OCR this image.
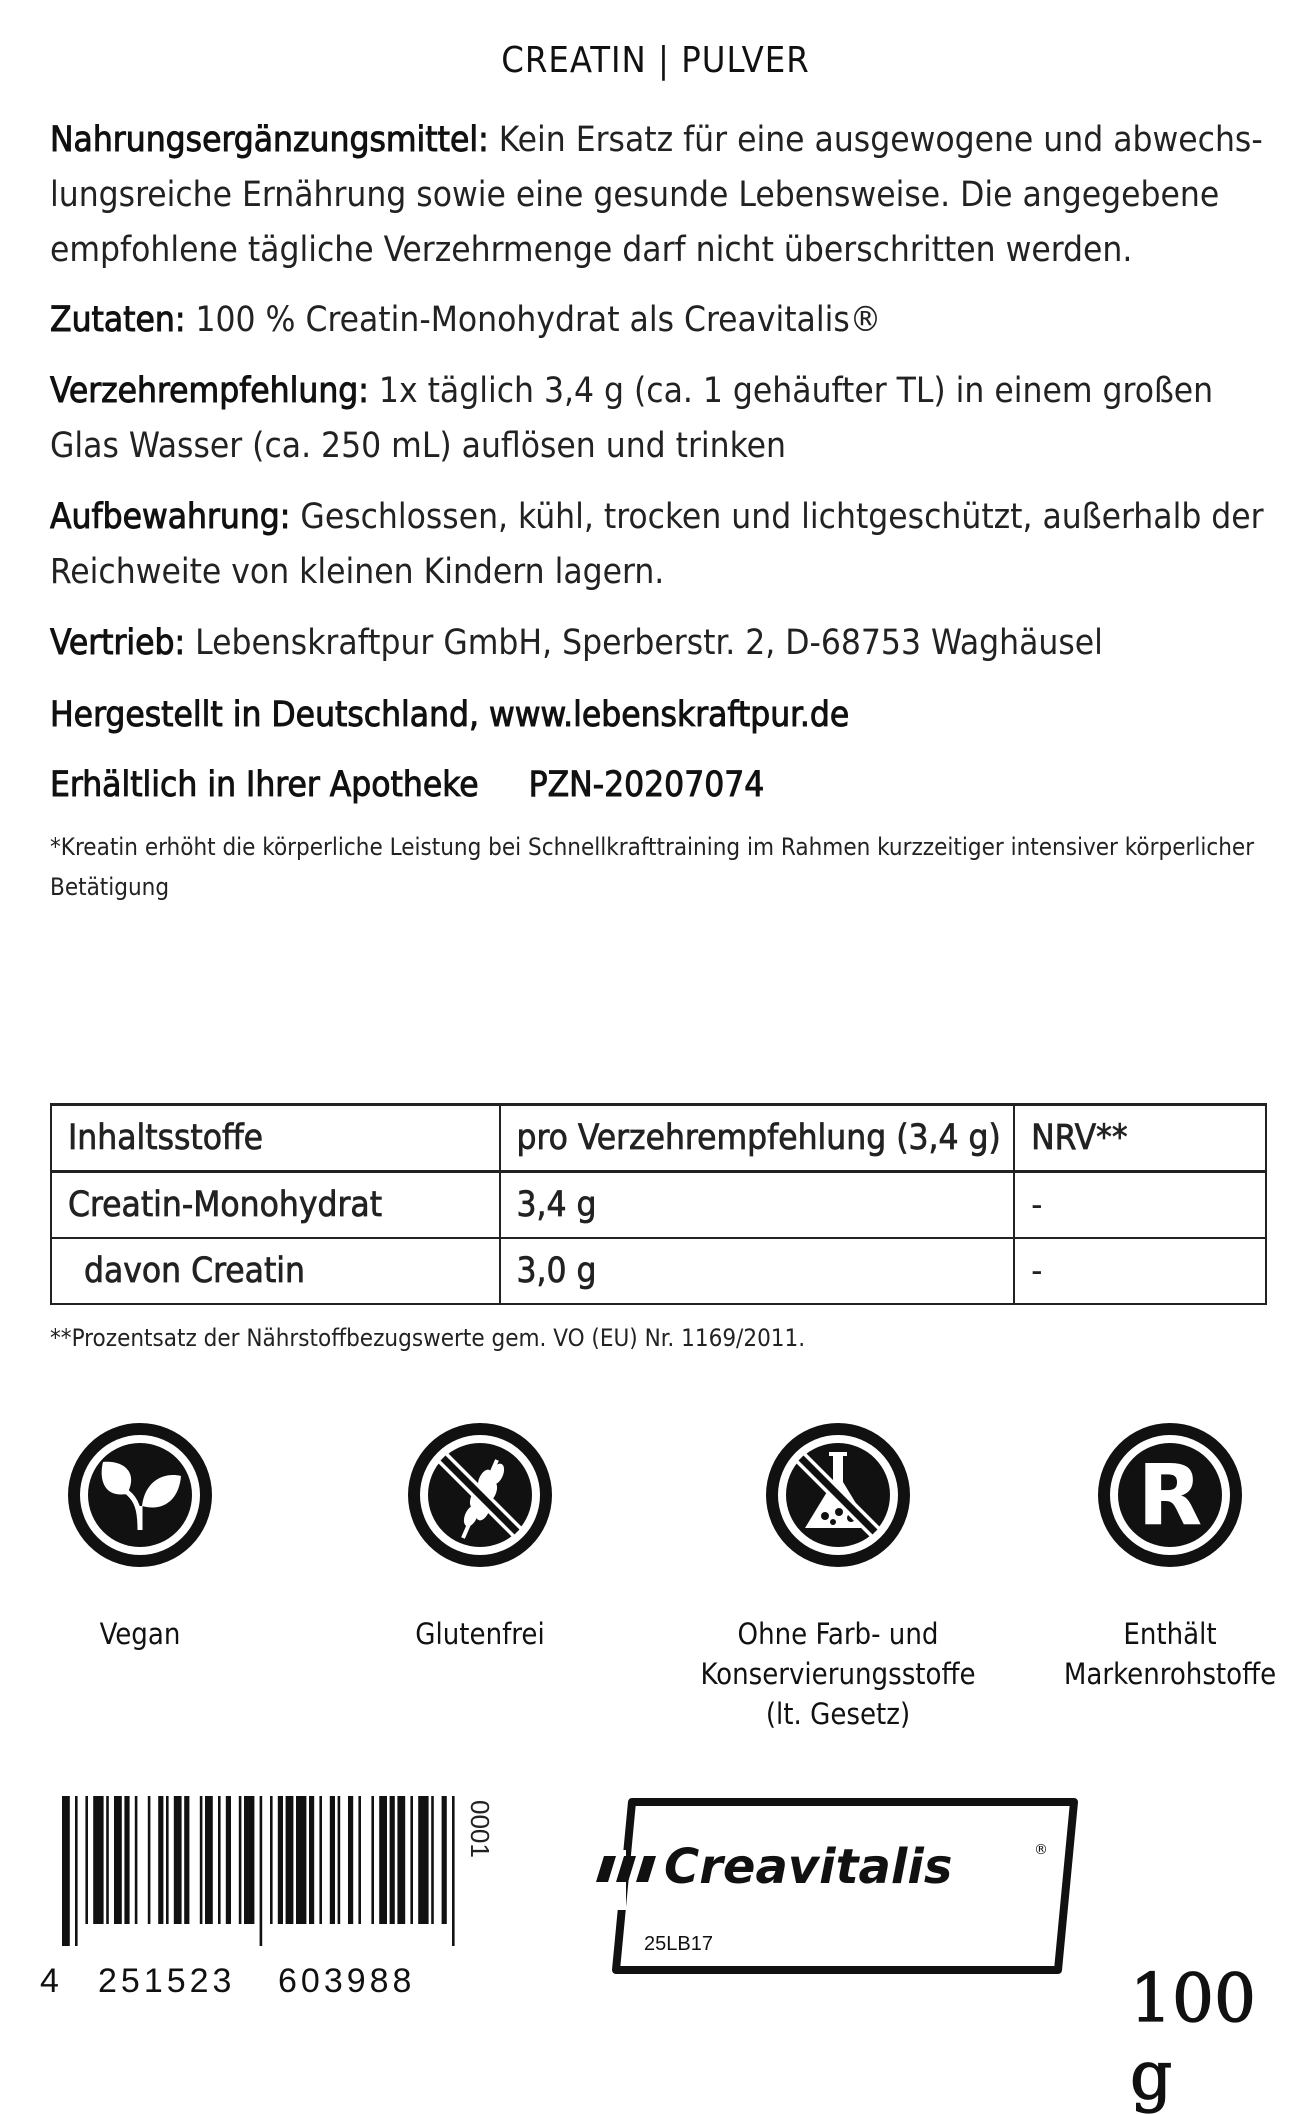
CREATIN | PULVER
Nahrungsergänzungsmittel: Kein Ersatz für eine ausgewogene und abwechs-lungsreiche Ernährung sowie eine gesunde Lebensweise. Die angegebene empfohlene tägliche Verzehrmenge darf nicht überschritten werden.
Zutaten: 100 % Creatin-Monohydrat als Creavitalis®
Verzehrempfehlung: 1x täglich 3,4 g (ca. 1 gehäufter TL) in einem großen Glas Wasser (ca. 250 mL) auflösen und trinken
Aufbewahrung: Geschlossen, kühl, trocken und lichtgeschützt, außerhalb der Reichweite von kleinen Kindern lagern.
Vertrieb: Lebenskraftpur GmbH, Sperberstr. 2, D-68753 Waghäusel
Hergestellt in Deutschland, www.lebenskraftpur.de
Erhältlich in Ihrer Apotheke PZN-20207074
*Kreatin erhöht die körperliche Leistung bei Schnellkrafttraining im Rahmen kurzzeitiger intensiver körperlicher Betätigung
Inhaltsstoffe	pro Verzehrempfehlung (3,4 g)	NRV**
Creatin-Monohydrat	3,4 g	-
davon Creatin	3,0 g	-
**Prozentsatz der Nährstoffbezugswerte gem. VO (EU) Nr. 1169/2011.
Vegan	Glutenfrei	Ohne Farb- und Konservierungsstoffe (lt. Gesetz)
R
Enthält Markenrohstoffe
4 251523 603988
0001
Creavitalis	®
25LB17
100 g
